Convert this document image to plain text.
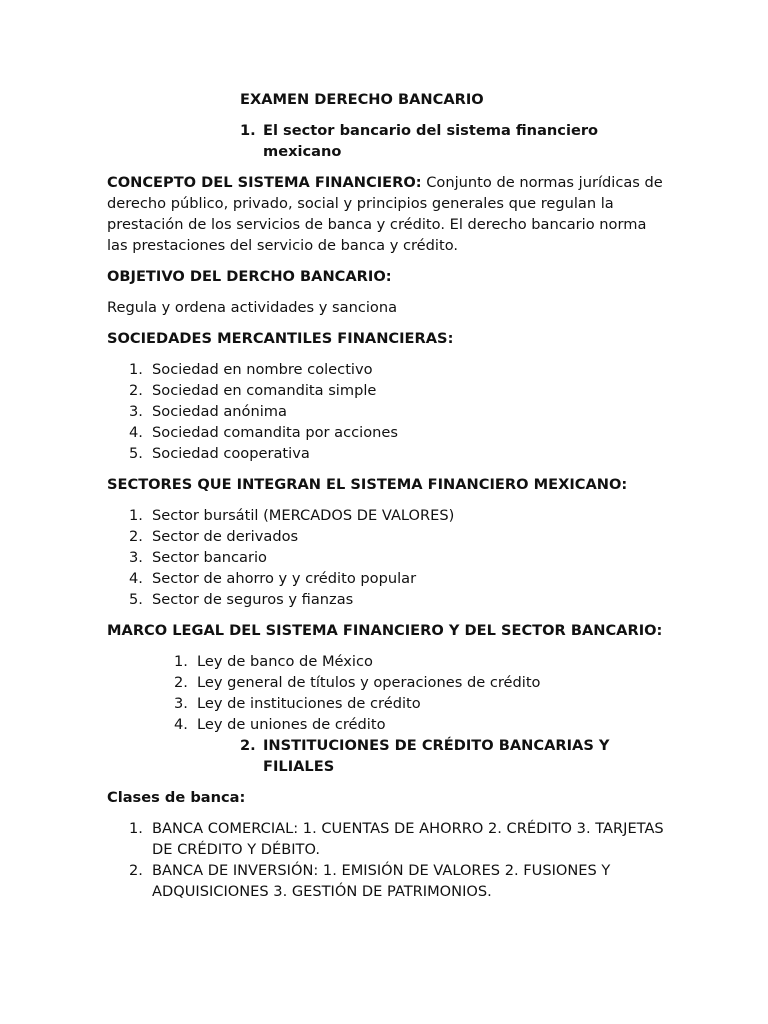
EXAMEN DERECHO BANCARIO
1. El sector bancario del sistema financiero mexicano

CONCEPTO DEL SISTEMA FINANCIERO: Conjunto de normas jurídicas de derecho público, privado, social y principios generales que regulan la prestación de los servicios de banca y crédito. El derecho bancario norma las prestaciones del servicio de banca y crédito.

OBJETIVO DEL DERCHO BANCARIO:

Regula y ordena actividades y sanciona

SOCIEDADES MERCANTILES FINANCIERAS:

1. Sociedad en nombre colectivo
2. Sociedad en comandita simple
3. Sociedad anónima
4. Sociedad comandita por acciones
5. Sociedad cooperativa

SECTORES QUE INTEGRAN EL SISTEMA FINANCIERO MEXICANO:

1. Sector bursátil (MERCADOS DE VALORES)
2. Sector de derivados
3. Sector bancario
4. Sector de ahorro y y crédito popular
5. Sector de seguros y fianzas

MARCO LEGAL DEL SISTEMA FINANCIERO Y DEL SECTOR BANCARIO:

1. Ley de banco de México
2. Ley general de títulos y operaciones de crédito
3. Ley de instituciones de crédito
4. Ley de uniones de crédito
2. INSTITUCIONES DE CRÉDITO BANCARIAS Y FILIALES

Clases de banca:

1. BANCA COMERCIAL: 1. CUENTAS DE AHORRO 2. CRÉDITO 3. TARJETAS DE CRÉDITO Y DÉBITO.
2. BANCA DE INVERSIÓN: 1. EMISIÓN DE VALORES 2. FUSIONES Y ADQUISICIONES 3. GESTIÓN DE PATRIMONIOS.
